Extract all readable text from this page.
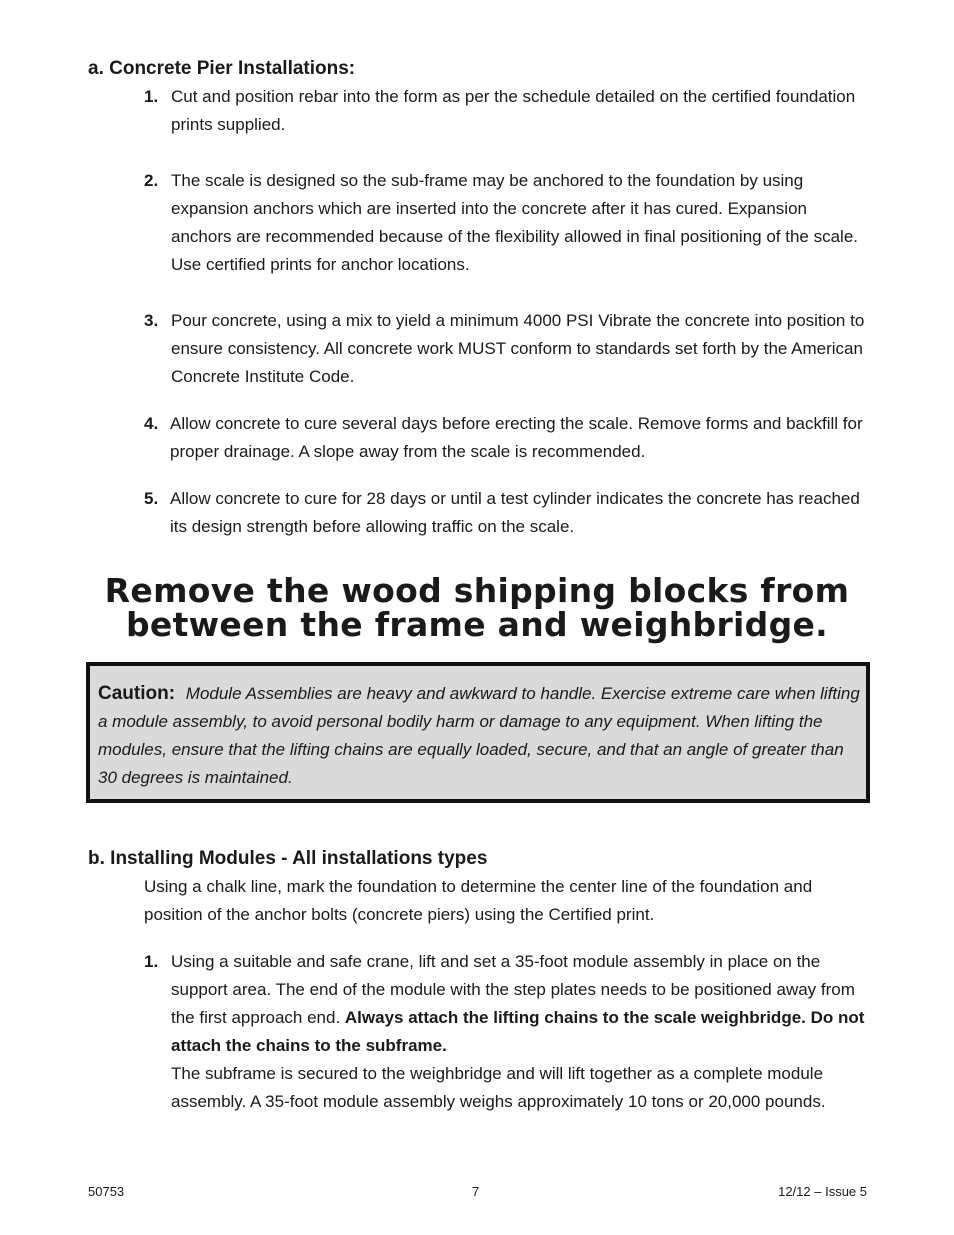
a. Concrete Pier Installations:
1. Cut and position rebar into the form as per the schedule detailed on the certified foundation prints supplied.
2. The scale is designed so the sub-frame may be anchored to the foundation by using expansion anchors which are inserted into the concrete after it has cured. Expansion anchors are recommended because of the flexibility allowed in final positioning of the scale. Use certified prints for anchor locations.
3. Pour concrete, using a mix to yield a minimum 4000 PSI Vibrate the concrete into position to ensure consistency. All concrete work MUST conform to standards set forth by the American Concrete Institute Code.
4. Allow concrete to cure several days before erecting the scale. Remove forms and backfill for proper drainage. A slope away from the scale is recommended.
5. Allow concrete to cure for 28 days or until a test cylinder indicates the concrete has reached its design strength before allowing traffic on the scale.
Remove the wood shipping blocks from
between the frame and weighbridge.

Caution: Module Assemblies are heavy and awkward to handle. Exercise extreme care when lifting a module assembly, to avoid personal bodily harm or damage to any equipment. When lifting the modules, ensure that the lifting chains are equally loaded, secure, and that an angle of greater than 30 degrees is maintained.

b. Installing Modules - All installations types

Using a chalk line, mark the foundation to determine the center line of the foundation and position of the anchor bolts (concrete piers) using the Certified print.

1. Using a suitable and safe crane, lift and set a 35-foot module assembly in place on the support area. The end of the module with the step plates needs to be positioned away from the first approach end. Always attach the lifting chains to the scale weighbridge. Do not attach the chains to the subframe.
The subframe is secured to the weighbridge and will lift together as a complete module assembly. A 35-foot module assembly weighs approximately 10 tons or 20,000 pounds.
50753	7	12/12 – Issue 5
